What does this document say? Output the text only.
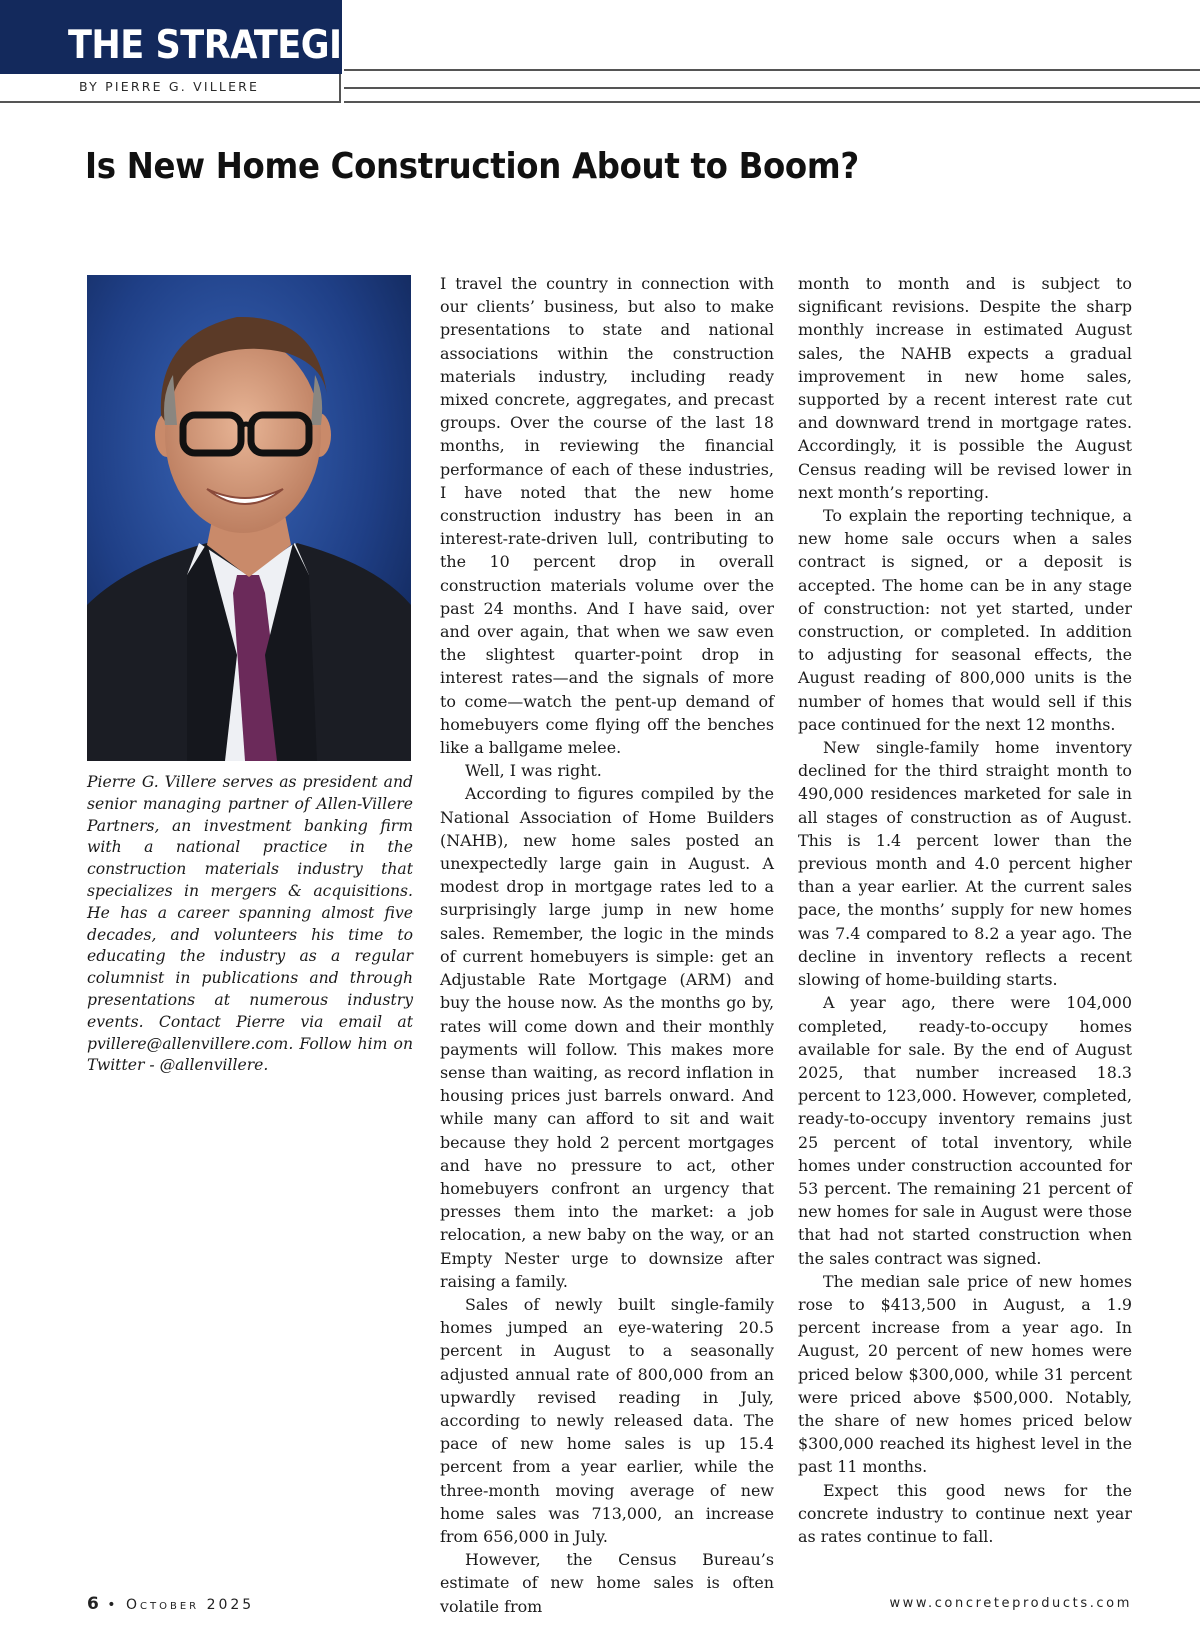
THE STRATEGIST
BY PIERRE G. VILLERE
Is New Home Construction About to Boom?

Pierre G. Villere serves as president and senior managing partner of Allen-Villere Partners, an investment banking firm with a national practice in the construction materials industry that specializes in mergers & acquisitions. He has a career spanning almost five decades, and volunteers his time to educating the industry as a regular columnist in publications and through presentations at numerous industry events. Contact Pierre via email at pvillere@allenvillere.com. Follow him on Twitter - @allenvillere.

I travel the country in connection with our clients’ business, but also to make presentations to state and national associations within the construction materials industry, including ready mixed concrete, aggregates, and precast groups. Over the course of the last 18 months, in reviewing the financial performance of each of these industries, I have noted that the new home construction industry has been in an interest-rate-driven lull, contributing to the 10 percent drop in overall construction materials volume over the past 24 months. And I have said, over and over again, that when we saw even the slightest quarter-point drop in interest rates—and the signals of more to come—watch the pent-up demand of homebuyers come flying off the benches like a ballgame melee.

Well, I was right.

According to figures compiled by the National Association of Home Builders (NAHB), new home sales posted an unexpectedly large gain in August. A modest drop in mortgage rates led to a surprisingly large jump in new home sales. Remember, the logic in the minds of current homebuyers is simple: get an Adjustable Rate Mortgage (ARM) and buy the house now. As the months go by, rates will come down and their monthly payments will follow. This makes more sense than waiting, as record inflation in housing prices just barrels onward. And while many can afford to sit and wait because they hold 2 percent mortgages and have no pressure to act, other homebuyers confront an urgency that presses them into the market: a job relocation, a new baby on the way, or an Empty Nester urge to downsize after raising a family.

Sales of newly built single-family homes jumped an eye-watering 20.5 percent in August to a seasonally adjusted annual rate of 800,000 from an upwardly revised reading in July, according to newly released data. The pace of new home sales is up 15.4 percent from a year earlier, while the three-month moving average of new home sales was 713,000, an increase from 656,000 in July.

However, the Census Bureau’s estimate of new home sales is often volatile from

month to month and is subject to significant revisions. Despite the sharp monthly increase in estimated August sales, the NAHB expects a gradual improvement in new home sales, supported by a recent interest rate cut and downward trend in mortgage rates. Accordingly, it is possible the August Census reading will be revised lower in next month’s reporting.

To explain the reporting technique, a new home sale occurs when a sales contract is signed, or a deposit is accepted. The home can be in any stage of construction: not yet started, under construction, or completed. In addition to adjusting for seasonal effects, the August reading of 800,000 units is the number of homes that would sell if this pace continued for the next 12 months.

New single-family home inventory declined for the third straight month to 490,000 residences marketed for sale in all stages of construction as of August. This is 1.4 percent lower than the previous month and 4.0 percent higher than a year earlier. At the current sales pace, the months’ supply for new homes was 7.4 compared to 8.2 a year ago. The decline in inventory reflects a recent slowing of home-building starts.

A year ago, there were 104,000 completed, ready-to-occupy homes available for sale. By the end of August 2025, that number increased 18.3 percent to 123,000. However, completed, ready-to-occupy inventory remains just 25 percent of total inventory, while homes under construction accounted for 53 percent. The remaining 21 percent of new homes for sale in August were those that had not started construction when the sales contract was signed.

The median sale price of new homes rose to $413,500 in August, a 1.9 percent increase from a year ago. In August, 20 percent of new homes were priced below $300,000, while 31 percent were priced above $500,000. Notably, the share of new homes priced below $300,000 reached its highest level in the past 11 months.

Expect this good news for the concrete industry to continue next year as rates continue to fall.

6 • October 2025	www.concreteproducts.com
